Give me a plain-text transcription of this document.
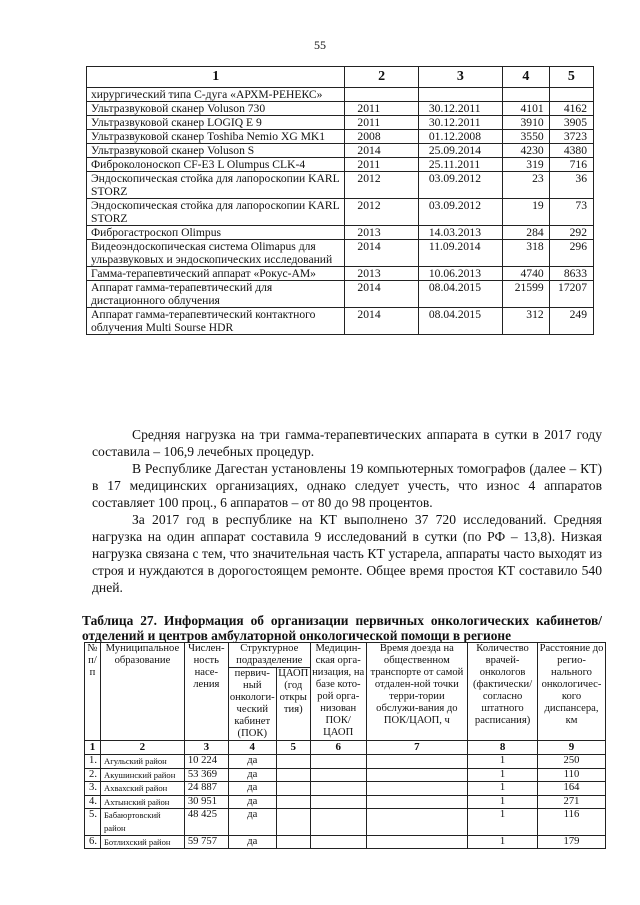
55
1	2	3	4	5
хирургический типа С-дуга «АРХМ-РЕНЕКС»				
Ультразвуковой сканер Voluson 730	2011	30.12.2011	4101	4162
Ультразвуковой сканер LOGIQ E 9	2011	30.12.2011	3910	3905
Ультразвуковой сканер Toshiba Nemio XG MK1	2008	01.12.2008	3550	3723
Ультразвуковой сканер Voluson S	2014	25.09.2014	4230	4380
Фиброколоноскоп CF-E3 L Olumpus CLK-4	2011	25.11.2011	319	716
Эндоскопическая стойка для лапороскопии KARL STORZ	2012	03.09.2012	23	36
Эндоскопическая стойка для лапороскопии KARL STORZ	2012	03.09.2012	19	73
Фиброгастроскоп Olimpus	2013	14.03.2013	284	292
Видеоэндоскопическая система Olimapus для ульразвуковых и эндоскопических исследований	2014	11.09.2014	318	296
Гамма-терапевтический аппарат «Рокус-АМ»	2013	10.06.2013	4740	8633
Аппарат гамма-терапевтический для дистационного облучения	2014	08.04.2015	21599	17207
Аппарат гамма-терапевтический контактного облучения Multi Sourse HDR	2014	08.04.2015	312	249

Средняя нагрузка на три гамма-терапевтических аппарата в сутки в 2017 году составила – 106,9 лечебных процедур.

В Республике Дагестан установлены 19 компьютерных томографов (далее – КТ) в 17 медицинских организациях, однако следует учесть, что износ 4 аппаратов составляет 100 проц., 6 аппаратов – от 80 до 98 процентов.

За 2017 год в республике на КТ выполнено 37 720 исследований. Средняя нагрузка на один аппарат составила 9 исследований в сутки (по РФ – 13,8). Низкая нагрузка связана с тем, что значительная часть КТ устарела, аппараты часто выходят из строя и нуждаются в дорогостоящем ремонте. Общее время простоя КТ составило 540 дней.

Таблица 27. Информация об организации первичных онкологических кабинетов/отделений и центров амбулаторной онкологической помощи в регионе
№ п/п	Муниципальное образование	Числен-ность насе-ления	Структурное подразделение		Медицин-ская орга-низация, на базе кото-рой орга-низован ПОК/ЦАОП	Время доезда на общественном транспорте от самой отдален-ной точки терри-тории обслужи-вания до ПОК/ЦАОП, ч	Количество врачей-онкологов (фактически/ согласно штатного расписания)	Расстояние до регио-нального онкологичес-кого диспансера, км
			первич-ный онкологи-ческий кабинет (ПОК)	ЦАОП (год откры тия)				
1	2	3	4	5	6	7	8	9
1.	Агульский район	10 224	да				1	250
2.	Акушинский район	53 369	да				1	110
3.	Ахвахский район	24 887	да				1	164
4.	Ахтынский район	30 951	да				1	271
5.	Бабаюртовский район	48 425	да				1	116
6.	Ботлихский район	59 757	да				1	179
